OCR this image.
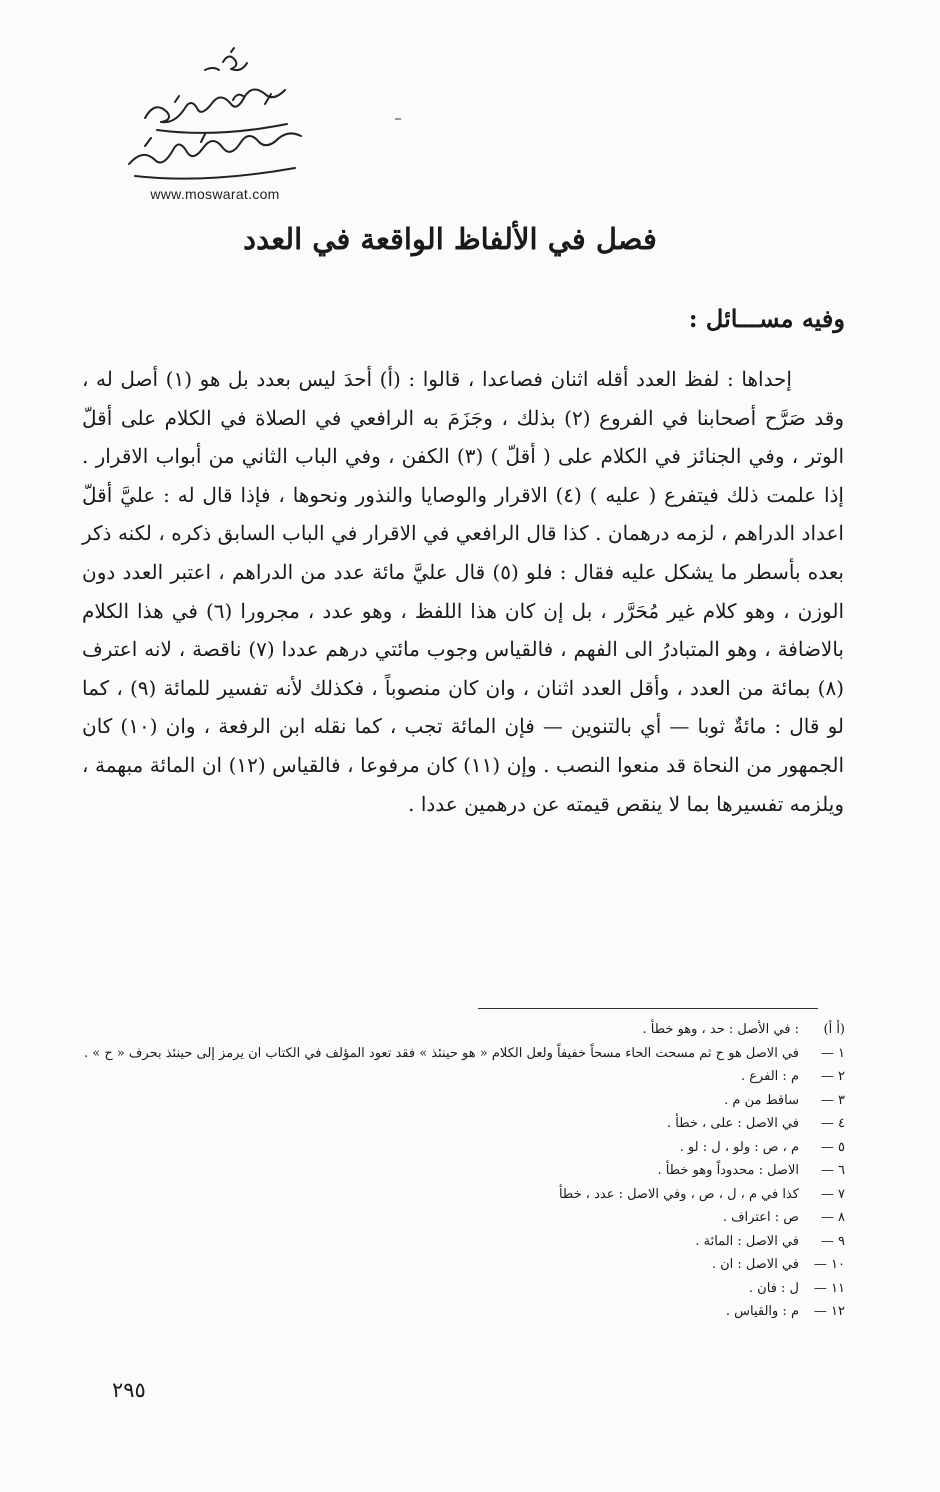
www.moswarat.com
فصل في الألفاظ الواقعة في العدد
وفيه مســـائل :

إحداها : لفظ العدد أقله اثنان فصاعدا ، قالوا : (أ) أحدَ ليس بعدد بل هو (١) أصل له ، وقد صَرَّح أصحابنا في الفروع (٢) بذلك ، وجَزَمَ به الرافعي في الصلاة في الكلام على أقلّ الوتر ، وفي الجنائز في الكلام على ( أقلّ ) (٣) الكفن ، وفي الباب الثاني من أبواب الاقرار . إذا علمت ذلك فيتفرع ( عليه ) (٤) الاقرار والوصايا والنذور ونحوها ، فإذا قال له : عليَّ أقلّ اعداد الدراهم ، لزمه درهمان . كذا قال الرافعي في الاقرار في الباب السابق ذكره ، لكنه ذكر بعده بأسطر ما يشكل عليه فقال : فلو (٥) قال عليَّ مائة عدد من الدراهم ، اعتبر العدد دون الوزن ، وهو كلام غير مُحَرَّر ، بل إن كان هذا اللفظ ، وهو عدد ، مجرورا (٦) في هذا الكلام بالاضافة ، وهو المتبادرُ الى الفهم ، فالقياس وجوب مائتي درهم عددا (٧) ناقصة ، لانه اعترف (٨) بمائة من العدد ، وأقل العدد اثنان ، وان كان منصوباً ، فكذلك لأنه تفسير للمائة (٩) ، كما لو قال : مائةٌ ثوبا — أي بالتنوين — فإن المائة تجب ، كما نقله ابن الرفعة ، وان (١٠) كان الجمهور من النحاة قد منعوا النصب . وإن (١١) كان مرفوعا ، فالقياس (١٢) ان المائة مبهمة ، ويلزمه تفسيرها بما لا ينقص قيمته عن درهمين عددا .

(أ أ)
: في الأصل : حد ، وهو خطأ .
١ —
في الاصل هو ح ثم مسحت الحاء مسحاً خفيفاً ولعل الكلام « هو حينئذ » فقد تعود المؤلف في الكتاب ان يرمز إلى حينئذ بحرف « ح » .
٢ —
م : الفرع .
٣ —
ساقط من م .
٤ —
في الاصل : على ، خطأ .
٥ —
م ، ص : ولو ، ل : لو .
٦ —
الاصل : محدوداً وهو خطأ .
٧ —
كذا في م ، ل ، ص ، وفي الاصل : عدد ، خطأ
٨ —
ص : اعتراف .
٩ —
في الاصل : المائة .
١٠ —
في الاصل : ان .
١١ —
ل : فان .
١٢ —
م : والقياس .
٢٩٥
